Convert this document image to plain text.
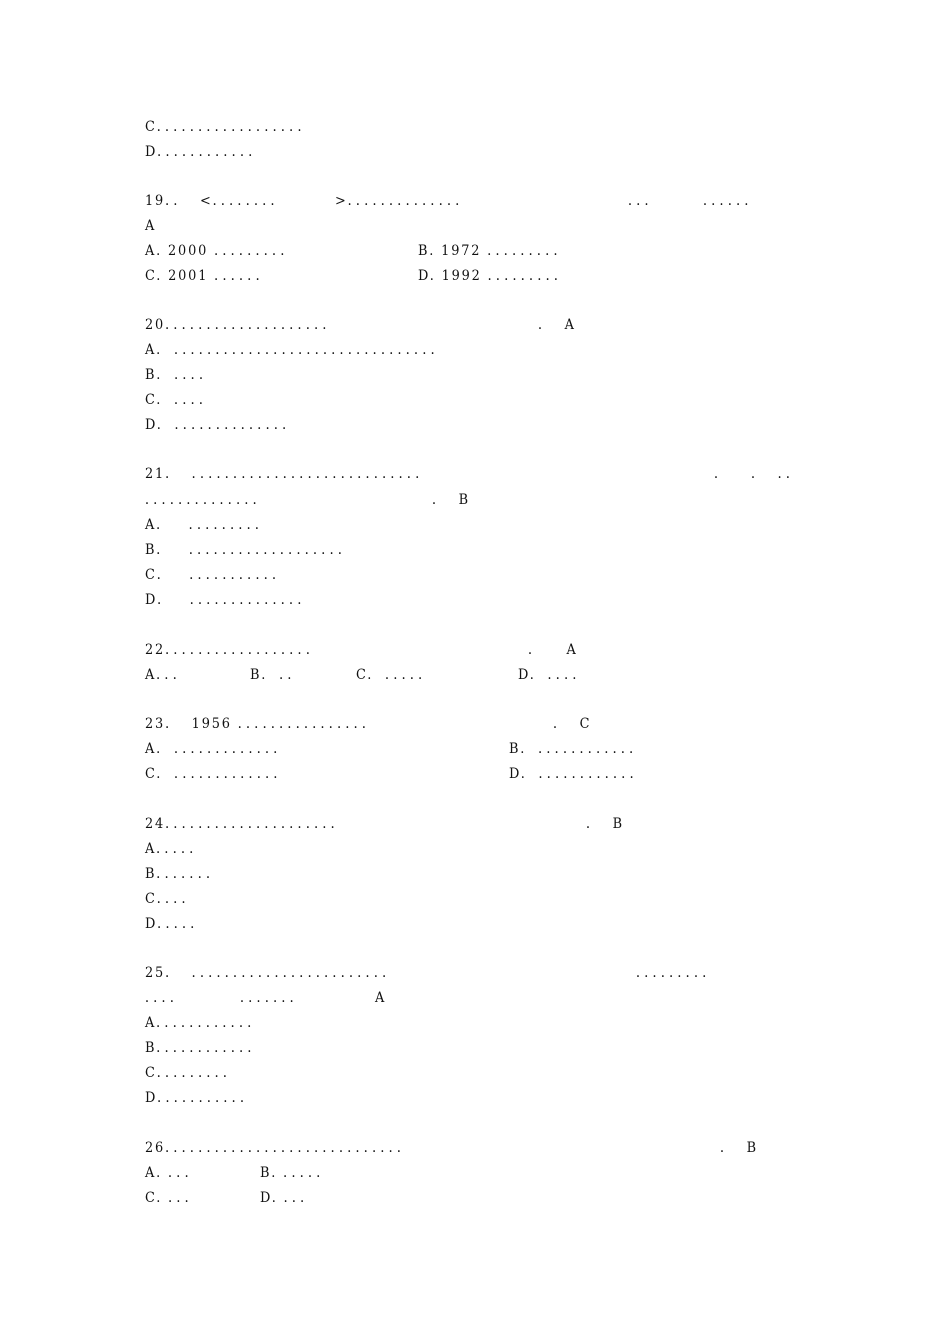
C．．．．．．．．．．．．．．．．．．
D．．．．．．．．．．．．
19．．  <．．．．．．．．	>．．．．．．．．．．．．．．	．．．	．．．．．．
A
A. 2000 ．．．．．．．．．	B. 1972 ．．．．．．．．．
C. 2001 ．．．．．．	D. 1992 ．．．．．．．．．
20．．．．．．．．．．．．．．．．．．．．	．  A
A.  ．．．．．．．．．．．．．．．．．．．．．．．．．．．．．．．．
B.  ．．．．
C.  ．．．．
D.  ．．．．．．．．．．．．．．
21．  ．．．．．．．．．．．．．．．．．．．．．．．．．．．．	． ．  ．．
．．．．．．．．．．．．．．	．  B
A．   ．．．．．．．．．
B．   ．．．．．．．．．．．．．．．．．．．
C．   ．．．．．．．．．．．
D．   ．．．．．．．．．．．．．．
22．．．．．．．．．．．．．．．．．．	．    A
A．．．	B.  ．．	C.  ．．．．．	D.  ．．．．
23．  1956 ．．．．．．．．．．．．．．．．	．  C
A.  ．．．．．．．．．．．．．	B.  ．．．．．．．．．．．．
C.  ．．．．．．．．．．．．．	D.  ．．．．．．．．．．．．
24．．．．．．．．．．．．．．．．．．．．．	．  B
A．．．．．
B．．．．．．．
C．．．．
D．．．．．
25．  ．．．．．．．．．．．．．．．．．．．．．．．．	．．．．．．．．．
．．．．	．．．．．．．	A
A．．．．．．．．．．．．
B．．．．．．．．．．．．
C．．．．．．．．．
D．．．．．．．．．．．
26．．．．．．．．．．．．．．．．．．．．．．．．．．．．．	．  B
A. ．．．	B. ．．．．．
C. ．．．	D. ．．．
